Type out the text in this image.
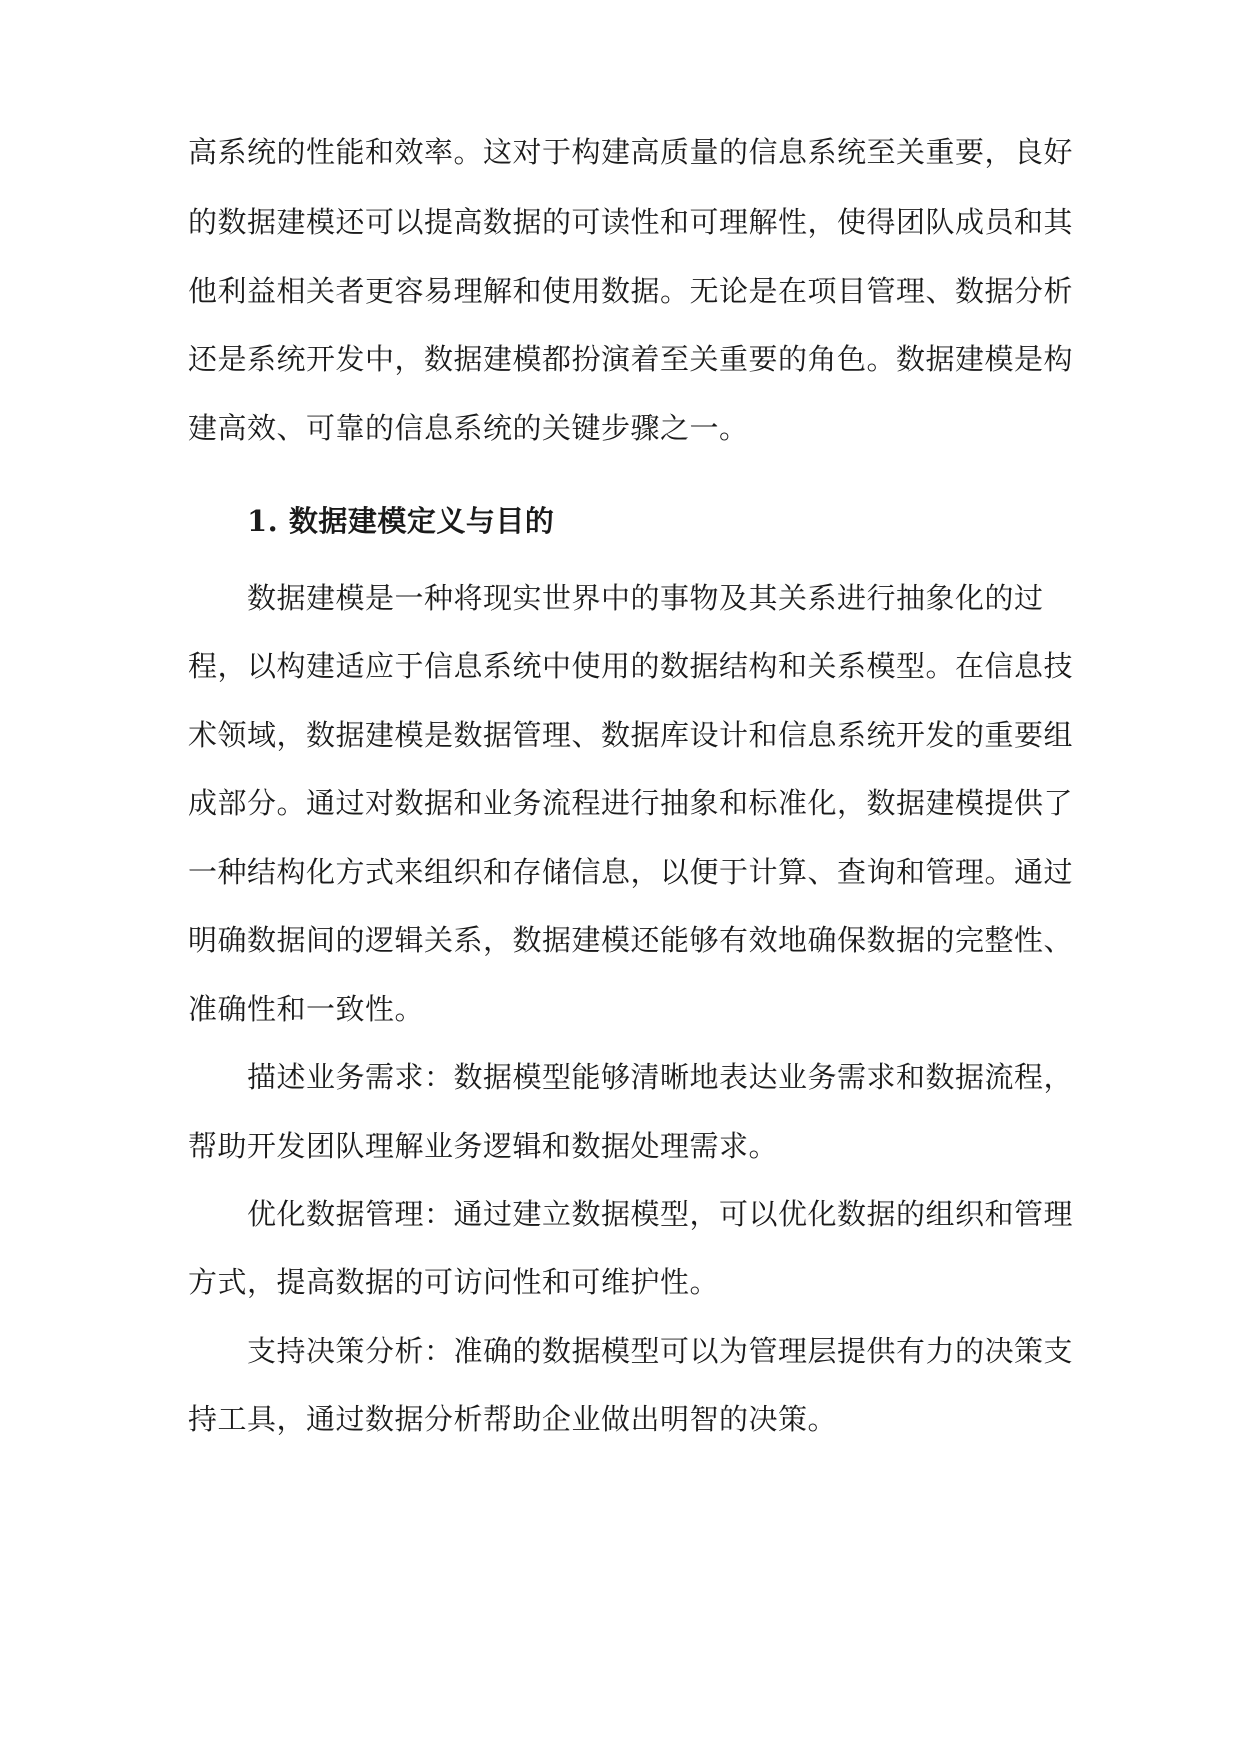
高系统的性能和效率。这对于构建高质量的信息系统至关重要，良好
的数据建模还可以提高数据的可读性和可理解性，使得团队成员和其
他利益相关者更容易理解和使用数据。无论是在项目管理、数据分析
还是系统开发中，数据建模都扮演着至关重要的角色。数据建模是构
建高效、可靠的信息系统的关键步骤之一。
1. 数据建模定义与目的
数据建模是一种将现实世界中的事物及其关系进行抽象化的过
程，以构建适应于信息系统中使用的数据结构和关系模型。在信息技
术领域，数据建模是数据管理、数据库设计和信息系统开发的重要组
成部分。通过对数据和业务流程进行抽象和标准化，数据建模提供了
一种结构化方式来组织和存储信息，以便于计算、查询和管理。通过
明确数据间的逻辑关系，数据建模还能够有效地确保数据的完整性、
准确性和一致性。
描述业务需求：数据模型能够清晰地表达业务需求和数据流程，
帮助开发团队理解业务逻辑和数据处理需求。
优化数据管理：通过建立数据模型，可以优化数据的组织和管理
方式，提高数据的可访问性和可维护性。
支持决策分析：准确的数据模型可以为管理层提供有力的决策支
持工具，通过数据分析帮助企业做出明智的决策。
